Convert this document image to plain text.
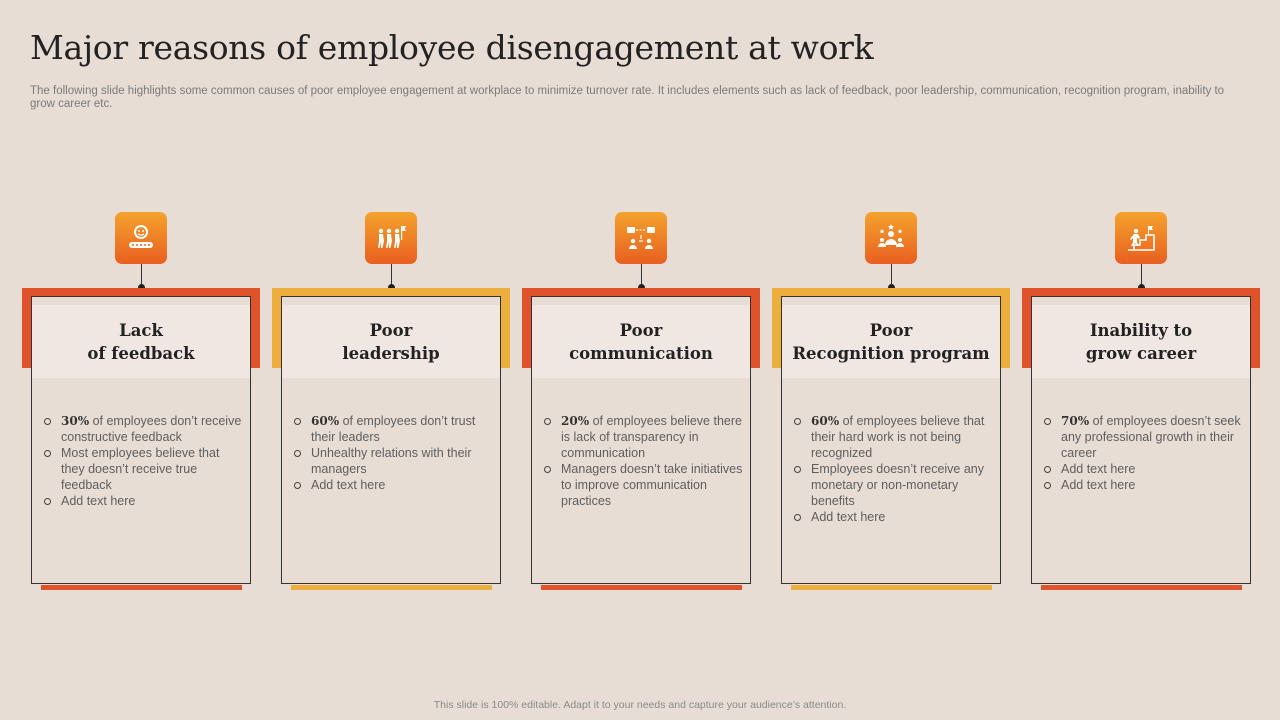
Major reasons of employee disengagement at work
The following slide highlights some common causes of poor employee engagement at workplace to minimize turnover rate. It includes elements such as lack of feedback, poor leadership, communication, recognition program, inability to grow career etc.
Lack
of feedback
30% of employees don’t receive constructive feedback
Most employees believe that they doesn’t receive true feedback
Add text here
Poor
leadership
60% of employees don’t trust their leaders
Unhealthy relations with their managers
Add text here
Poor
communication
20% of employees believe there is lack of transparency in communication
Managers doesn’t take initiatives to improve communication practices
Poor
Recognition program
60% of employees believe that their hard work is not being recognized
Employees doesn’t receive any monetary or non-monetary benefits
Add text here
Inability to
grow career
70% of employees doesn’t seek any professional growth in their career
Add text here
Add text here
This slide is 100% editable. Adapt it to your needs and capture your audience’s attention.
